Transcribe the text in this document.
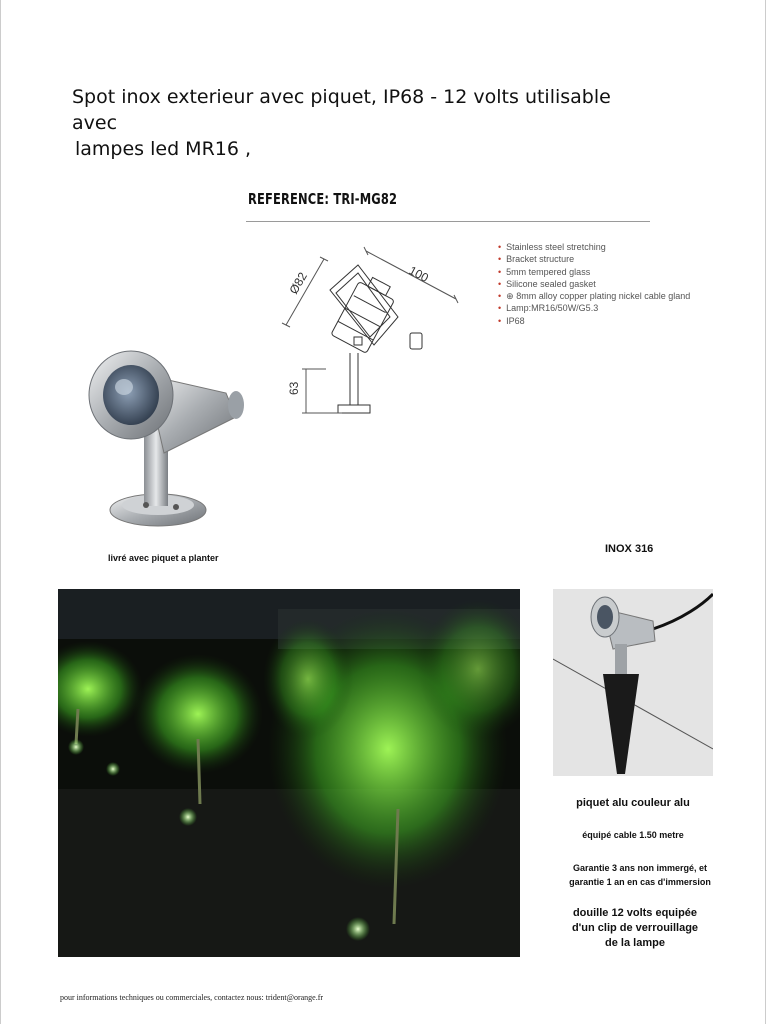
Spot inox exterieur avec piquet, IP68 - 12 volts utilisable avec
lampes led MR16 ,
REFERENCE: TRI-MG82
• Stainless steel stretching
• Bracket structure
• 5mm tempered glass
• Silicone sealed gasket
• ⊕ 8mm alloy copper plating nickel cable gland
• Lamp:MR16/50W/G5.3
• IP68
Ø82	100
63
livré avec piquet a planter
INOX 316
piquet alu couleur alu
équipé cable 1.50 metre
Garantie 3 ans non immergé, et
garantie 1 an en cas d'immersion
douille 12 volts equipée
d'un clip de verrouillage
de la lampe
pour informations techniques ou commerciales, contactez nous: trident@orange.fr
